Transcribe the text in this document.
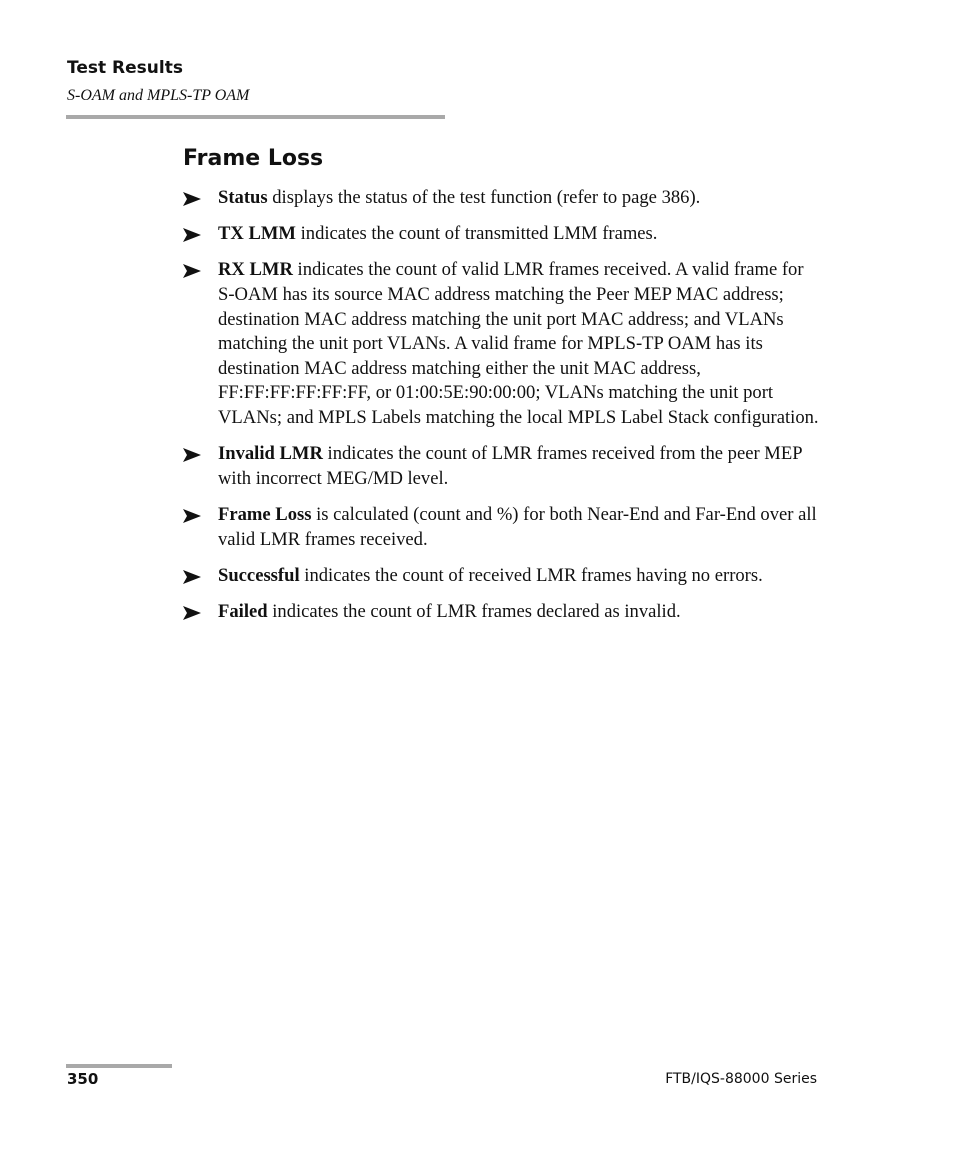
Test Results
S-OAM and MPLS-TP OAM
Frame Loss
Status displays the status of the test function (refer to page 386).
TX LMM indicates the count of transmitted LMM frames.
RX LMR indicates the count of valid LMR frames received. A valid frame for S-OAM has its source MAC address matching the Peer MEP MAC address; destination MAC address matching the unit port MAC address; and VLANs matching the unit port VLANs. A valid frame for MPLS-TP OAM has its destination MAC address matching either the unit MAC address, FF:FF:FF:FF:FF:FF, or 01:00:5E:90:00:00; VLANs matching the unit port VLANs; and MPLS Labels matching the local MPLS Label Stack configuration.
Invalid LMR indicates the count of LMR frames received from the peer MEP with incorrect MEG/MD level.
Frame Loss is calculated (count and %) for both Near-End and Far-End over all valid LMR frames received.
Successful indicates the count of received LMR frames having no errors.
Failed indicates the count of LMR frames declared as invalid.
350	FTB/IQS-88000 Series
